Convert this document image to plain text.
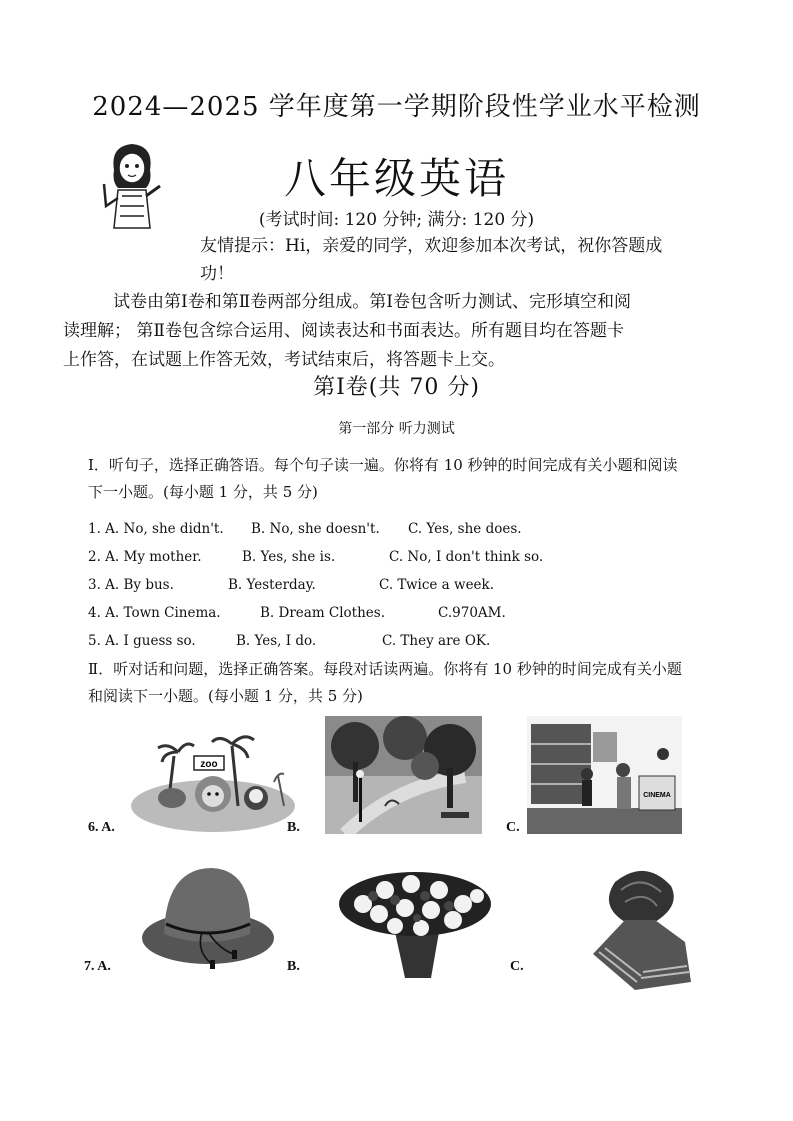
2024—2025 学年度第一学期阶段性学业水平检测
八年级英语
(考试时间: 120 分钟; 满分: 120 分)
友情提示：Hi，亲爱的同学，欢迎参加本次考试，祝你答题成
功！
试卷由第Ⅰ卷和第Ⅱ卷两部分组成。第Ⅰ卷包含听力测试、完形填空和阅
读理解； 第Ⅱ卷包含综合运用、阅读表达和书面表达。所有题目均在答题卡
上作答，在试题上作答无效，考试结束后，将答题卡上交。
第Ⅰ卷(共 70 分)
第一部分 听力测试
Ⅰ．听句子，选择正确答语。每个句子读一遍。你将有 10 秒钟的时间完成有关小题和阅读
下一小题。(每小题 1 分，共 5 分)
1. A. No, she didn't. B. No, she doesn't. C. Yes, she does.
2. A. My mother.	B. Yes, she is.	C. No, I don't think so.
3. A. By bus.	B. Yesterday.	C. Twice a week.
4. A. Town Cinema.	B. Dream Clothes.	C.970AM.
5. A. I guess so.	B. Yes, I do.	C. They are OK.
Ⅱ．听对话和问题，选择正确答案。每段对话读两遍。你将有 10 秒钟的时间完成有关小题
和阅读下一小题。(每小题 1 分，共 5 分)
6. A.
zoo
B.	C.
CINEMA
7. A.	B.	C.
